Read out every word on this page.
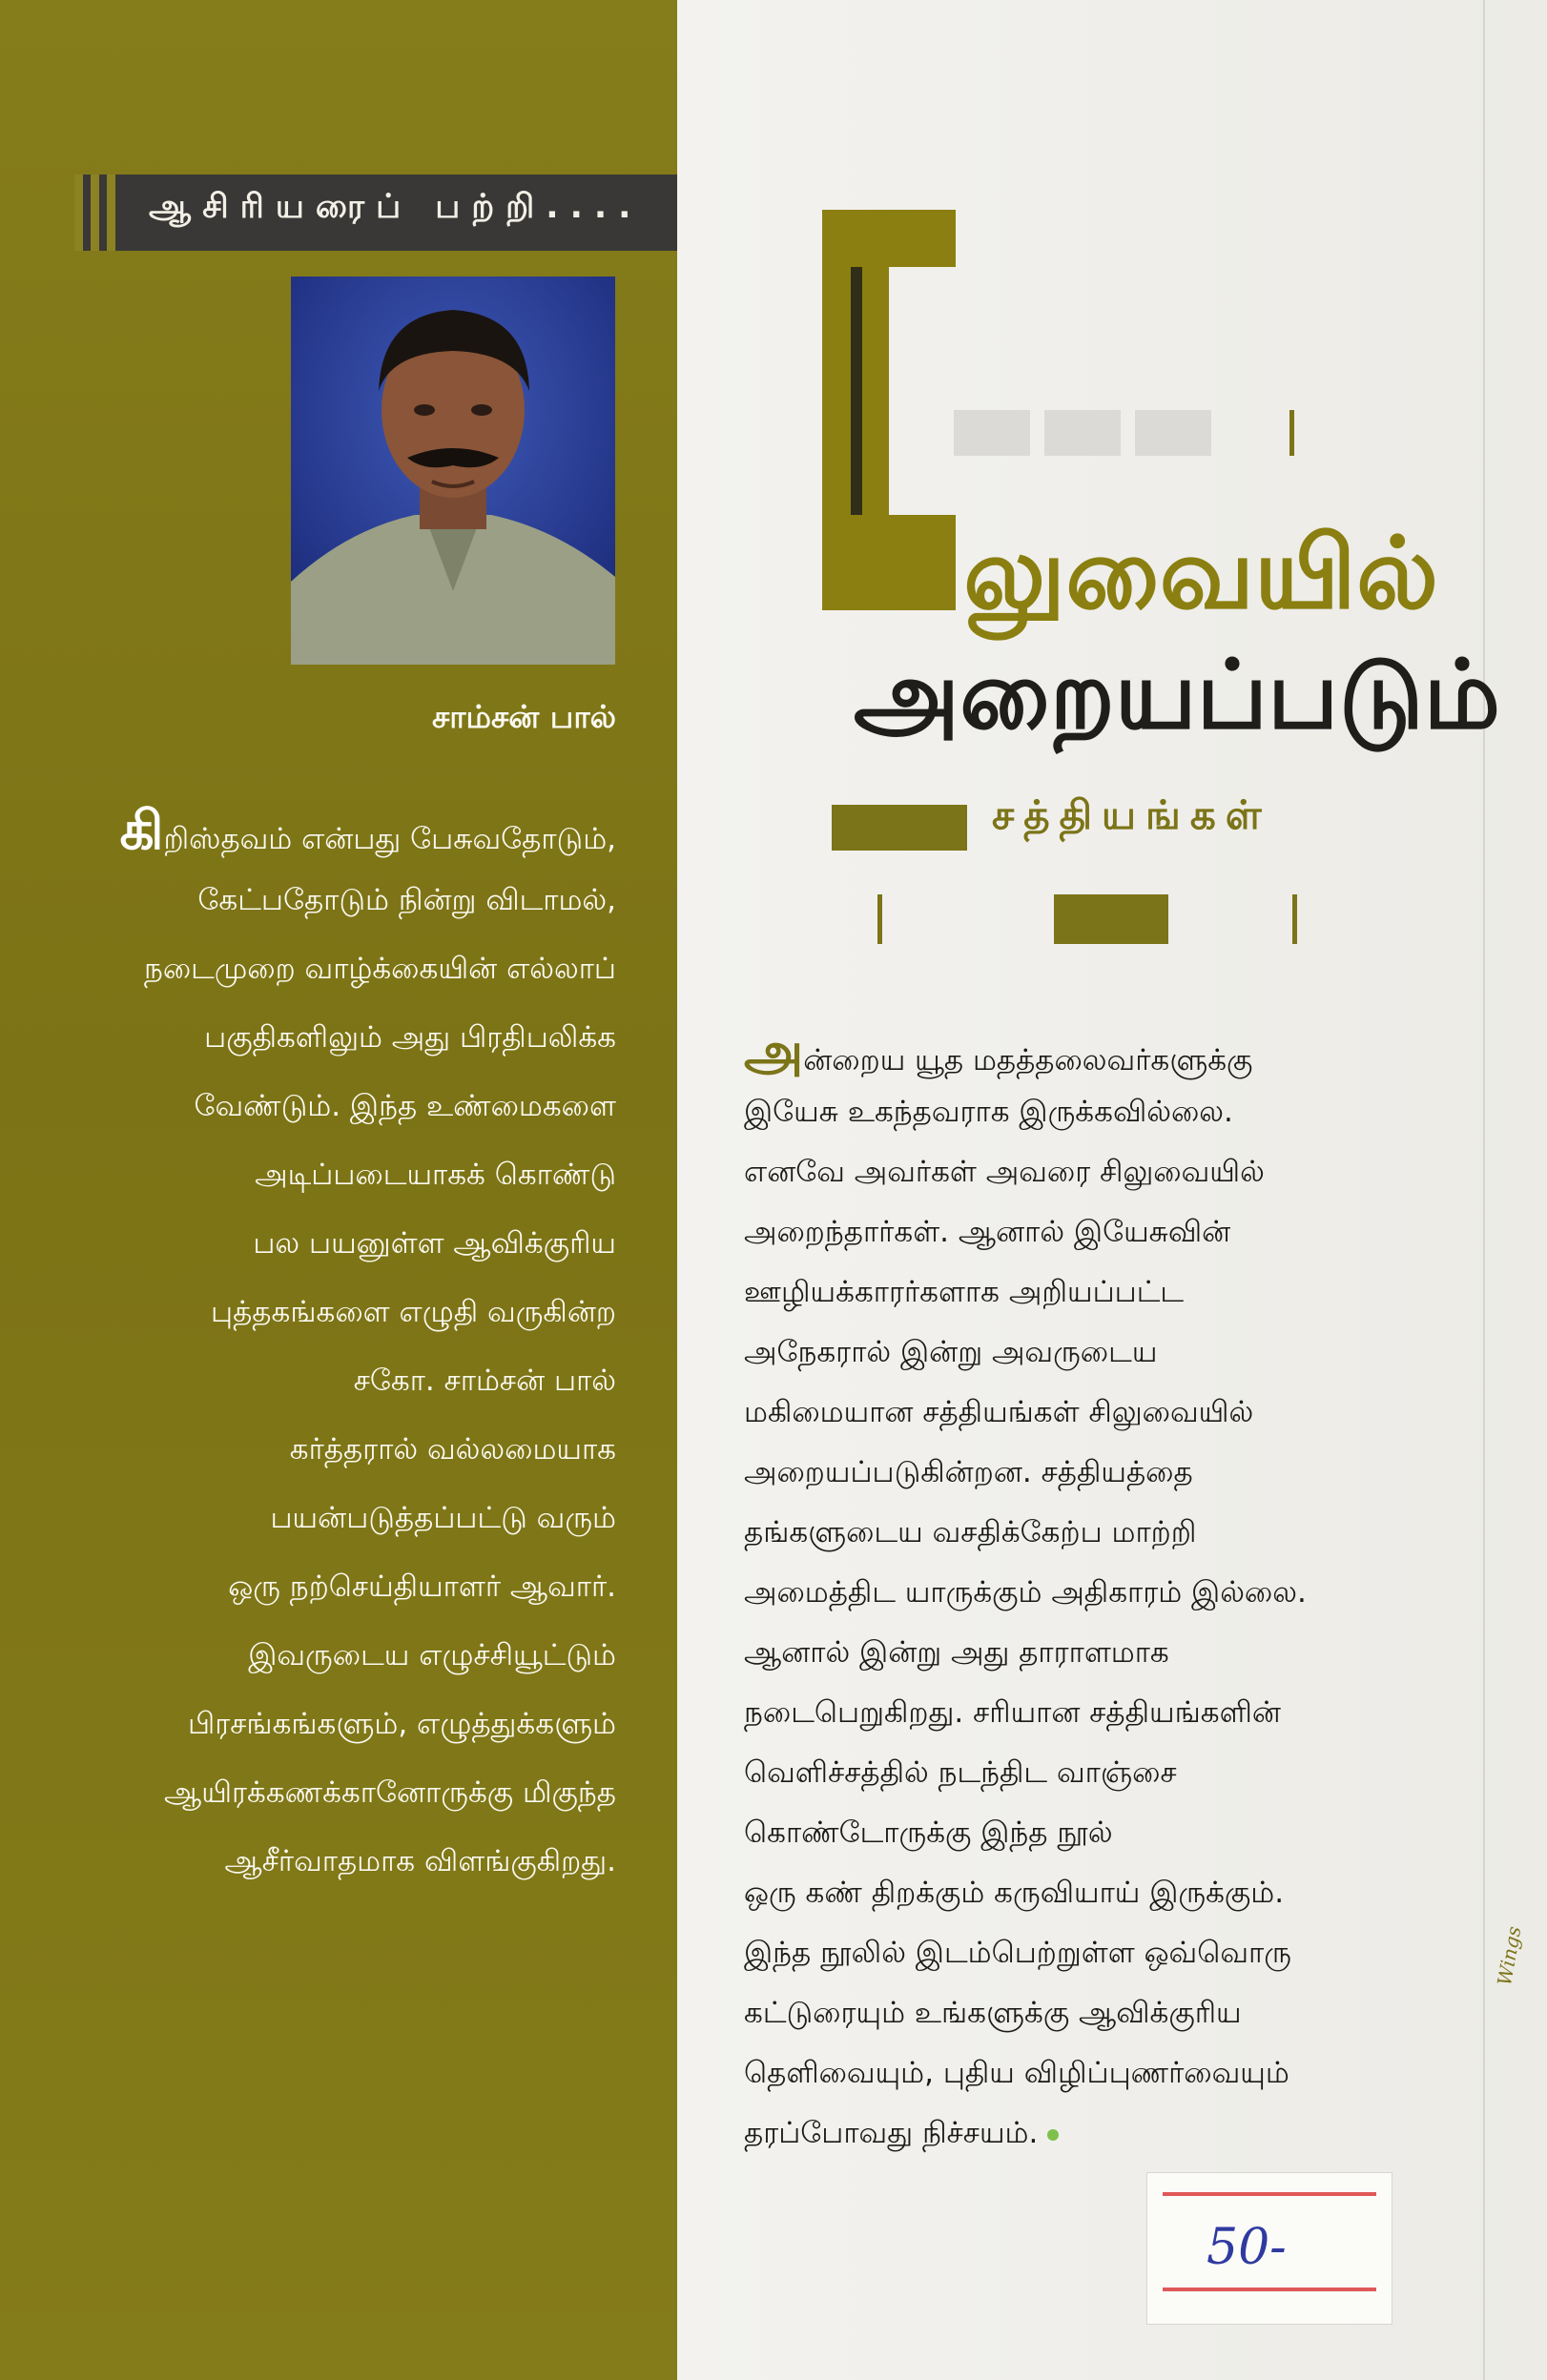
ஆசிரியரைப் பற்றி....
சாம்சன் பால்
கிறிஸ்தவம் என்பது பேசுவதோடும்,
கேட்பதோடும் நின்று விடாமல்,
நடைமுறை வாழ்க்கையின் எல்லாப்
பகுதிகளிலும் அது பிரதிபலிக்க
வேண்டும். இந்த உண்மைகளை
அடிப்படையாகக் கொண்டு
பல பயனுள்ள ஆவிக்குரிய
புத்தகங்களை எழுதி வருகின்ற
சகோ. சாம்சன் பால்
கர்த்தரால் வல்லமையாக
பயன்படுத்தப்பட்டு வரும்
ஒரு நற்செய்தியாளர் ஆவார்.
இவருடைய எழுச்சியூட்டும்
பிரசங்கங்களும், எழுத்துக்களும்
ஆயிரக்கணக்கானோருக்கு மிகுந்த
ஆசீர்வாதமாக விளங்குகிறது.
லுவையில்
அறையப்படும்
சத்தியங்கள்
அன்றைய யூத மதத்தலைவர்களுக்கு
இயேசு உகந்தவராக இருக்கவில்லை.
எனவே அவர்கள் அவரை சிலுவையில்
அறைந்தார்கள். ஆனால் இயேசுவின்
ஊழியக்காரர்களாக அறியப்பட்ட
அநேகரால் இன்று அவருடைய
மகிமையான சத்தியங்கள் சிலுவையில்
அறையப்படுகின்றன. சத்தியத்தை
தங்களுடைய வசதிக்கேற்ப மாற்றி
அமைத்திட யாருக்கும் அதிகாரம் இல்லை.
ஆனால் இன்று அது தாராளமாக
நடைபெறுகிறது. சரியான சத்தியங்களின்
வெளிச்சத்தில் நடந்திட வாஞ்சை
கொண்டோருக்கு இந்த நூல்
ஒரு கண் திறக்கும் கருவியாய் இருக்கும்.
இந்த நூலில் இடம்பெற்றுள்ள ஒவ்வொரு
கட்டுரையும் உங்களுக்கு ஆவிக்குரிய
தெளிவையும், புதிய விழிப்புணர்வையும்
தரப்போவது நிச்சயம்.
50-
